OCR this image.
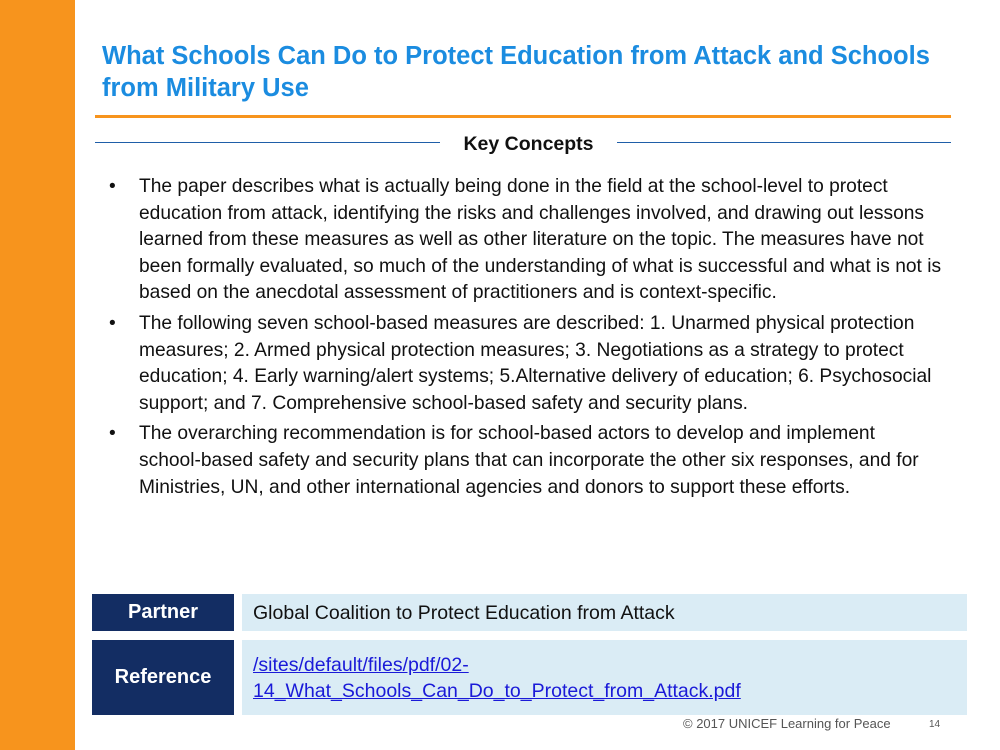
What Schools Can Do to Protect Education from Attack and Schools from Military Use
Key Concepts
• The paper describes what is actually being done in the field at the school-level to protect education from attack, identifying the risks and challenges involved, and drawing out lessons learned from these measures as well as other literature on the topic. The measures have not been formally evaluated, so much of the understanding of what is successful and what is not is based on the anecdotal assessment of practitioners and is context-specific.
• The following seven school-based measures are described: 1. Unarmed physical protection measures; 2. Armed physical protection measures; 3. Negotiations as a strategy to protect education; 4. Early warning/alert systems; 5.Alternative delivery of education; 6. Psychosocial support; and 7. Comprehensive school-based safety and security plans.
• The overarching recommendation is for school-based actors to develop and implement school-based safety and security plans that can incorporate the other six responses, and for Ministries, UN, and other international agencies and donors to support these efforts.
Partner	Global Coalition to Protect Education from Attack
Reference
/sites/default/files/pdf/02-
14_What_Schools_Can_Do_to_Protect_from_Attack.pdf
© 2017 UNICEF Learning for Peace	14
